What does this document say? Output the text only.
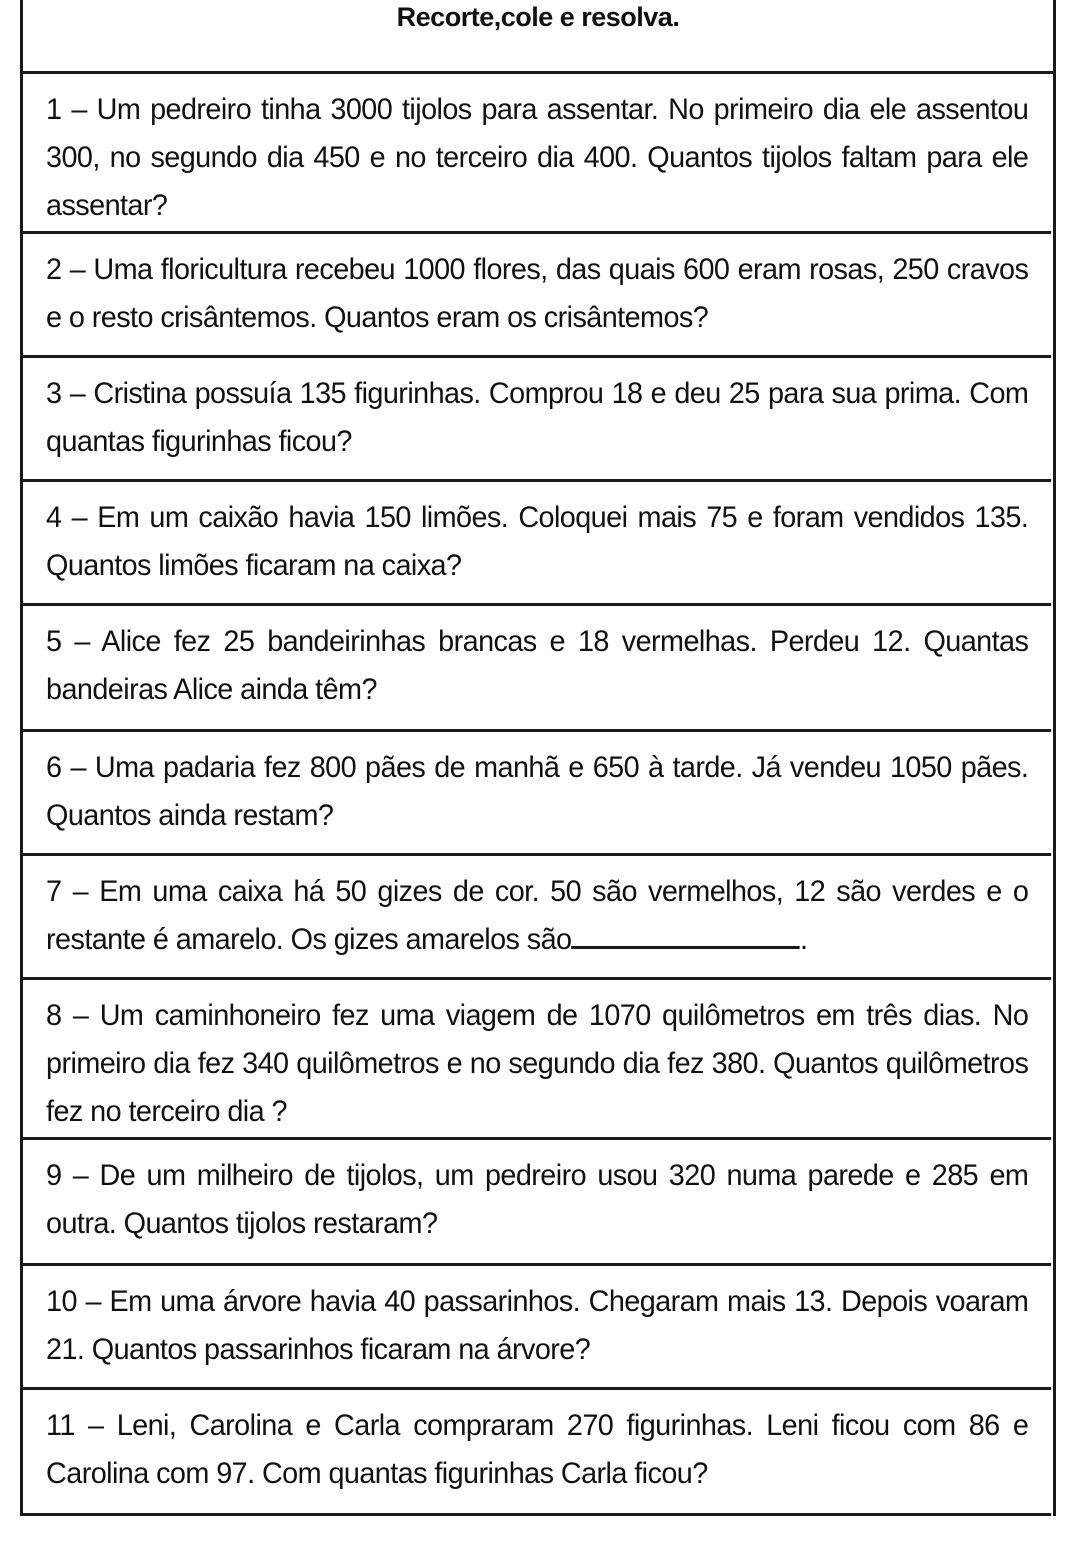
Recorte,cole e resolva.
1 – Um pedreiro tinha 3000 tijolos para assentar. No primeiro dia ele assentou 300, no segundo dia 450 e no terceiro dia 400. Quantos tijolos faltam para ele assentar?
2 – Uma floricultura recebeu 1000 flores, das quais 600 eram rosas, 250 cravos e o resto crisântemos. Quantos eram os crisântemos?
3 – Cristina possuía 135 figurinhas. Comprou 18 e deu 25 para sua prima. Com quantas figurinhas ficou?
4 – Em um caixão havia 150 limões. Coloquei mais 75 e foram vendidos 135. Quantos limões ficaram na caixa?
5 – Alice fez 25 bandeirinhas brancas e 18 vermelhas. Perdeu 12. Quantas bandeiras Alice ainda têm?
6 – Uma padaria fez 800 pães de manhã e 650 à tarde. Já vendeu 1050 pães. Quantos ainda restam?
7 – Em uma caixa há 50 gizes de cor. 50 são vermelhos, 12 são verdes e o restante é amarelo. Os gizes amarelos são	.
8 – Um caminhoneiro fez uma viagem de 1070 quilômetros em três dias. No primeiro dia fez 340 quilômetros e no segundo dia fez 380. Quantos quilômetros fez no terceiro dia ?
9 – De um milheiro de tijolos, um pedreiro usou 320 numa parede e 285 em outra. Quantos tijolos restaram?
10 – Em uma árvore havia 40 passarinhos. Chegaram mais 13. Depois voaram 21. Quantos passarinhos ficaram na árvore?
11 – Leni, Carolina e Carla compraram 270 figurinhas. Leni ficou com 86 e Carolina com 97. Com quantas figurinhas Carla ficou?
